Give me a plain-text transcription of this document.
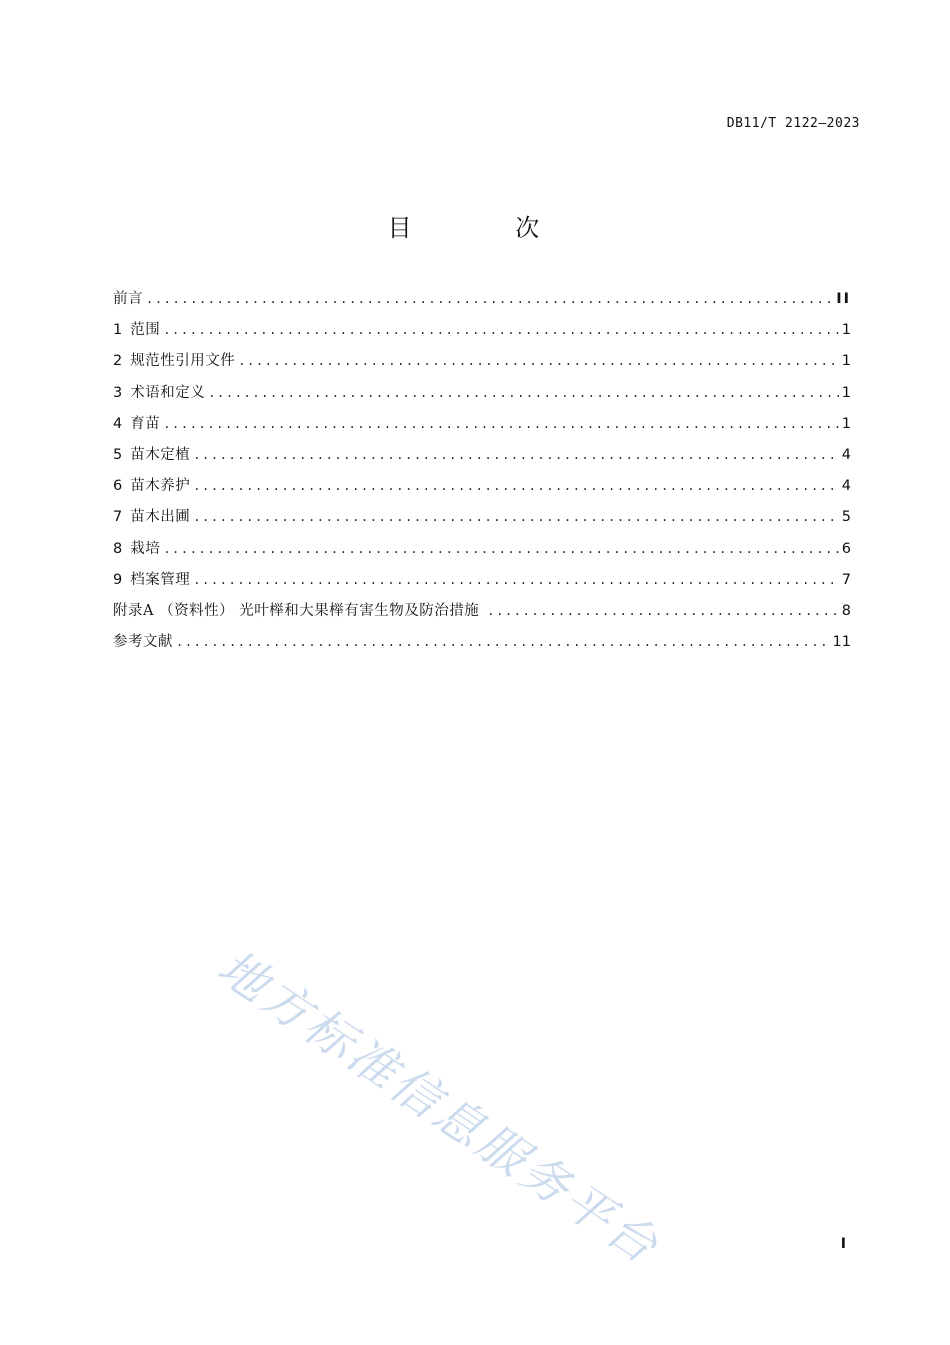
DB11/T 2122—2023
目 次
前言 .....	II
1 范围 .....	1
2 规范性引用文件 .....	1
3 术语和定义 .....	1
4 育苗 .....	1
5 苗木定植 .....	4
6 苗木养护 .....	4
7 苗木出圃 .....	5
8 栽培 .....	6
9 档案管理 .....	7
附录A （资料性） 光叶榉和大果榉有害生物及防治措施 .....	8
参考文献 .....	11
地方标准信息服务平台	I
